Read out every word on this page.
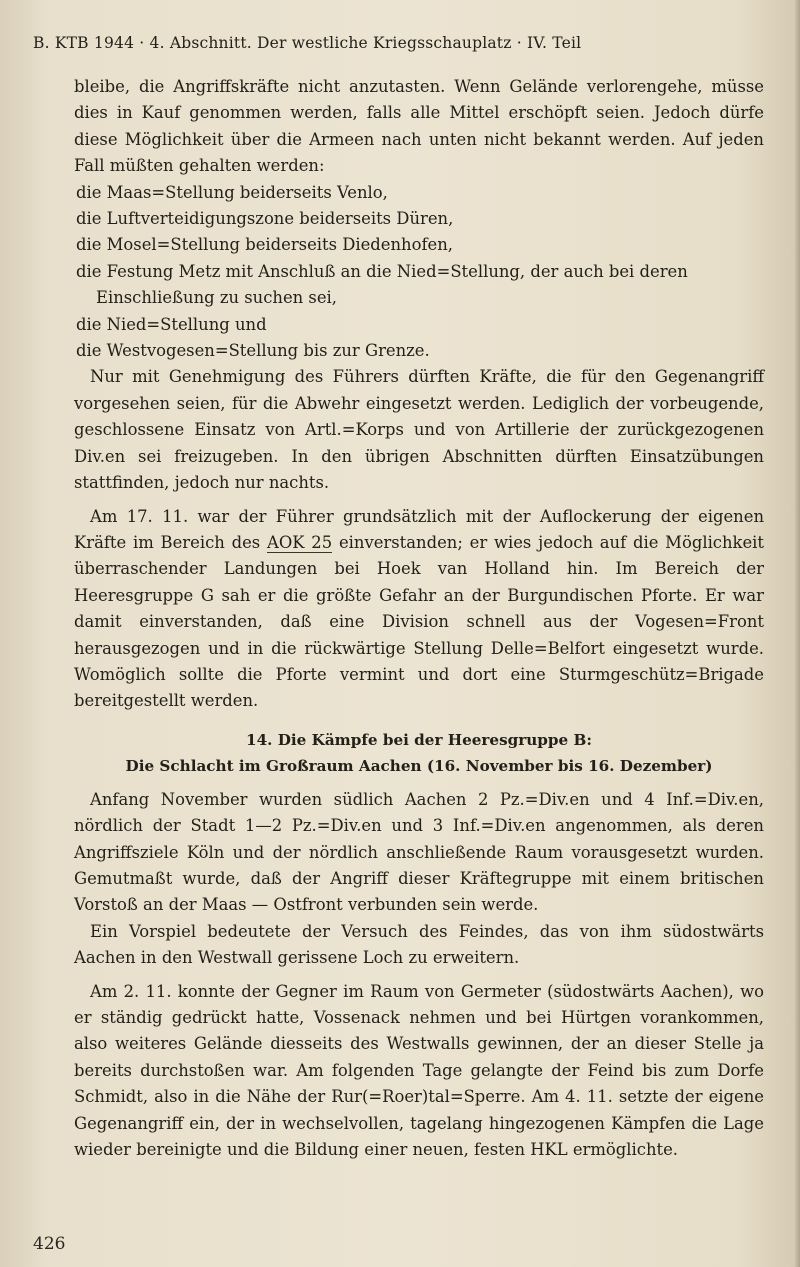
B. KTB 1944 · 4. Abschnitt. Der westliche Kriegsschauplatz · IV. Teil

bleibe, die Angriffskräfte nicht anzutasten. Wenn Gelände verlorengehe, müsse dies in Kauf genommen werden, falls alle Mittel erschöpft seien. Jedoch dürfe diese Möglichkeit über die Armeen nach unten nicht bekannt werden. Auf jeden Fall müßten gehalten werden:

die Maas=Stellung beiderseits Venlo,
die Luftverteidigungszone beiderseits Düren,
die Mosel=Stellung beiderseits Diedenhofen,
die Festung Metz mit Anschluß an die Nied=Stellung, der auch bei deren
Einschließung zu suchen sei,
die Nied=Stellung und
die Westvogesen=Stellung bis zur Grenze.

Nur mit Genehmigung des Führers dürften Kräfte, die für den Gegenangriff vorgesehen seien, für die Abwehr eingesetzt werden. Lediglich der vorbeugende, geschlossene Einsatz von Artl.=Korps und von Artillerie der zurückgezogenen Div.en sei freizugeben. In den übrigen Abschnitten dürften Einsatzübungen stattfinden, jedoch nur nachts.

Am 17. 11. war der Führer grundsätzlich mit der Auflockerung der eigenen Kräfte im Bereich des AOK 25 einverstanden; er wies jedoch auf die Möglichkeit überraschender Landungen bei Hoek van Holland hin. Im Bereich der Heeresgruppe G sah er die größte Gefahr an der Burgundischen Pforte. Er war damit einverstanden, daß eine Division schnell aus der Vogesen=Front herausgezogen und in die rückwärtige Stellung Delle=Belfort eingesetzt wurde. Womöglich sollte die Pforte vermint und dort eine Sturmgeschütz=Brigade bereitgestellt werden.

14. Die Kämpfe bei der Heeresgruppe B:
Die Schlacht im Großraum Aachen (16. November bis 16. Dezember)

Anfang November wurden südlich Aachen 2 Pz.=Div.en und 4 Inf.=Div.en, nördlich der Stadt 1—2 Pz.=Div.en und 3 Inf.=Div.en angenommen, als deren Angriffsziele Köln und der nördlich anschließende Raum vorausgesetzt wurden. Gemutmaßt wurde, daß der Angriff dieser Kräftegruppe mit einem britischen Vorstoß an der Maas — Ostfront verbunden sein werde.

Ein Vorspiel bedeutete der Versuch des Feindes, das von ihm südostwärts Aachen in den Westwall gerissene Loch zu erweitern.

Am 2. 11. konnte der Gegner im Raum von Germeter (südostwärts Aachen), wo er ständig gedrückt hatte, Vossenack nehmen und bei Hürtgen vorankommen, also weiteres Gelände diesseits des Westwalls gewinnen, der an dieser Stelle ja bereits durchstoßen war. Am folgenden Tage gelangte der Feind bis zum Dorfe Schmidt, also in die Nähe der Rur(=Roer)tal=Sperre. Am 4. 11. setzte der eigene Gegenangriff ein, der in wechselvollen, tagelang hingezogenen Kämpfen die Lage wieder bereinigte und die Bildung einer neuen, festen HKL ermöglichte.

426
